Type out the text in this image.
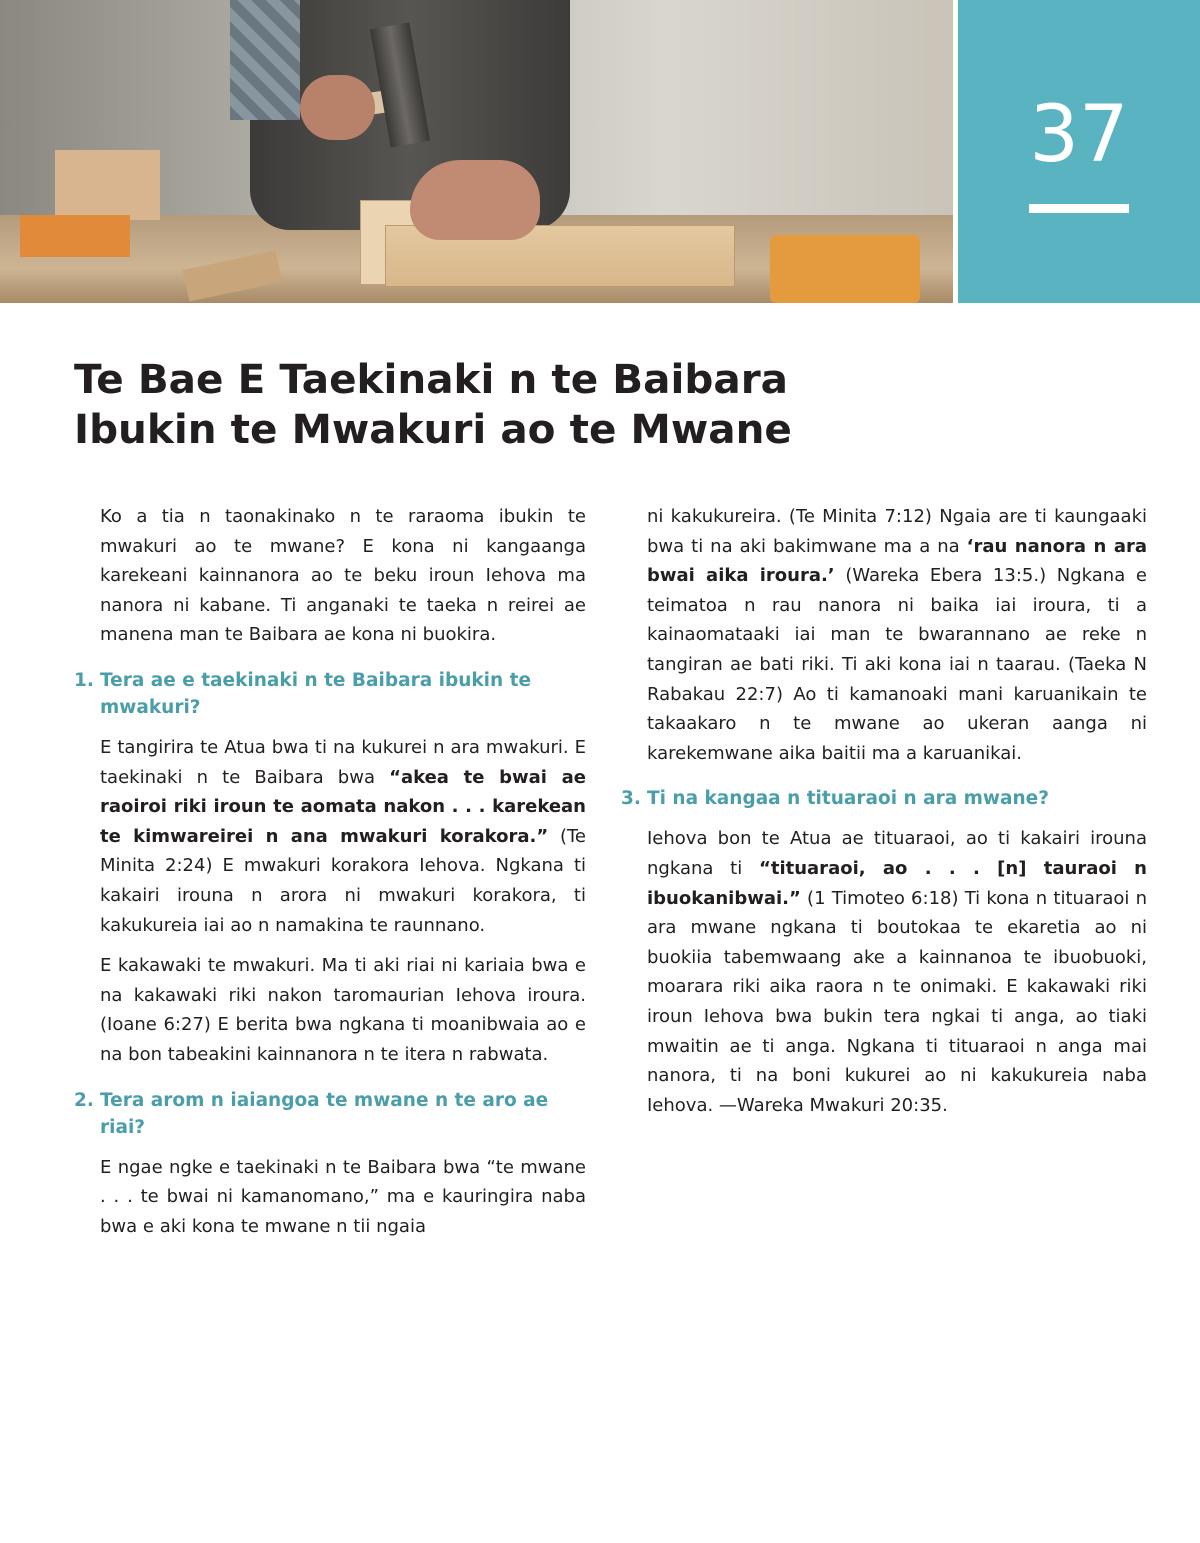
37
Te Bae E Taekinaki n te Baibara
Ibukin te Mwakuri ao te Mwane

Ko a tia n taonakinako n te raraoma ibukin te mwakuri ao te mwane? E kona ni kangaanga karekeani kainnanora ao te beku iroun Iehova ma nanora ni kabane. Ti anganaki te taeka n reirei ae manena man te Baibara ae kona ni buokira.

1. Tera ae e taekinaki n te Baibara ibukin te mwakuri?

E tangirira te Atua bwa ti na kukurei n ara mwakuri. E taekinaki n te Baibara bwa “akea te bwai ae raoiroi riki iroun te aomata nakon . . . karekean te kimwareirei n ana mwakuri korakora.” (Te Minita 2:24) E mwakuri korakora Iehova. Ngkana ti kakairi irouna n arora ni mwakuri korakora, ti kakukureia iai ao n namakina te raunnano.

E kakawaki te mwakuri. Ma ti aki riai ni kariaia bwa e na kakawaki riki nakon taromaurian Iehova iroura. (Ioane 6:27) E berita bwa ngkana ti moanibwaia ao e na bon tabeakini kainnanora n te itera n rabwata.

2. Tera arom n iaiangoa te mwane n te aro ae riai?

E ngae ngke e taekinaki n te Baibara bwa “te mwane . . . te bwai ni kamanomano,” ma e kauringira naba bwa e aki kona te mwane n tii ngaia

ni kakukureira. (Te Minita 7:12) Ngaia are ti kaungaaki bwa ti na aki bakimwane ma a na ‘rau nanora n ara bwai aika iroura.’ (Wareka Ebera 13:5.) Ngkana e teimatoa n rau nanora ni baika iai iroura, ti a kainaomataaki iai man te bwarannano ae reke n tangiran ae bati riki. Ti aki kona iai n taarau. (Taeka N Rabakau 22:7) Ao ti kamanoaki mani karuanikain te takaakaro n te mwane ao ukeran aanga ni karekemwane aika baitii ma a karuanikai.

3. Ti na kangaa n tituaraoi n ara mwane?

Iehova bon te Atua ae tituaraoi, ao ti kakairi irouna ngkana ti “tituaraoi, ao . . . [n] tauraoi n ibuokanibwai.” (1 Timoteo 6:18) Ti kona n tituaraoi n ara mwane ngkana ti boutokaa te ekaretia ao ni buokiia tabemwaang ake a kainnanoa te ibuobuoki, moarara riki aika raora n te onimaki. E kakawaki riki iroun Iehova bwa bukin tera ngkai ti anga, ao tiaki mwaitin ae ti anga. Ngkana ti tituaraoi n anga mai nanora, ti na boni kukurei ao ni kakukureia naba Iehova. —Wareka Mwakuri 20:35.
